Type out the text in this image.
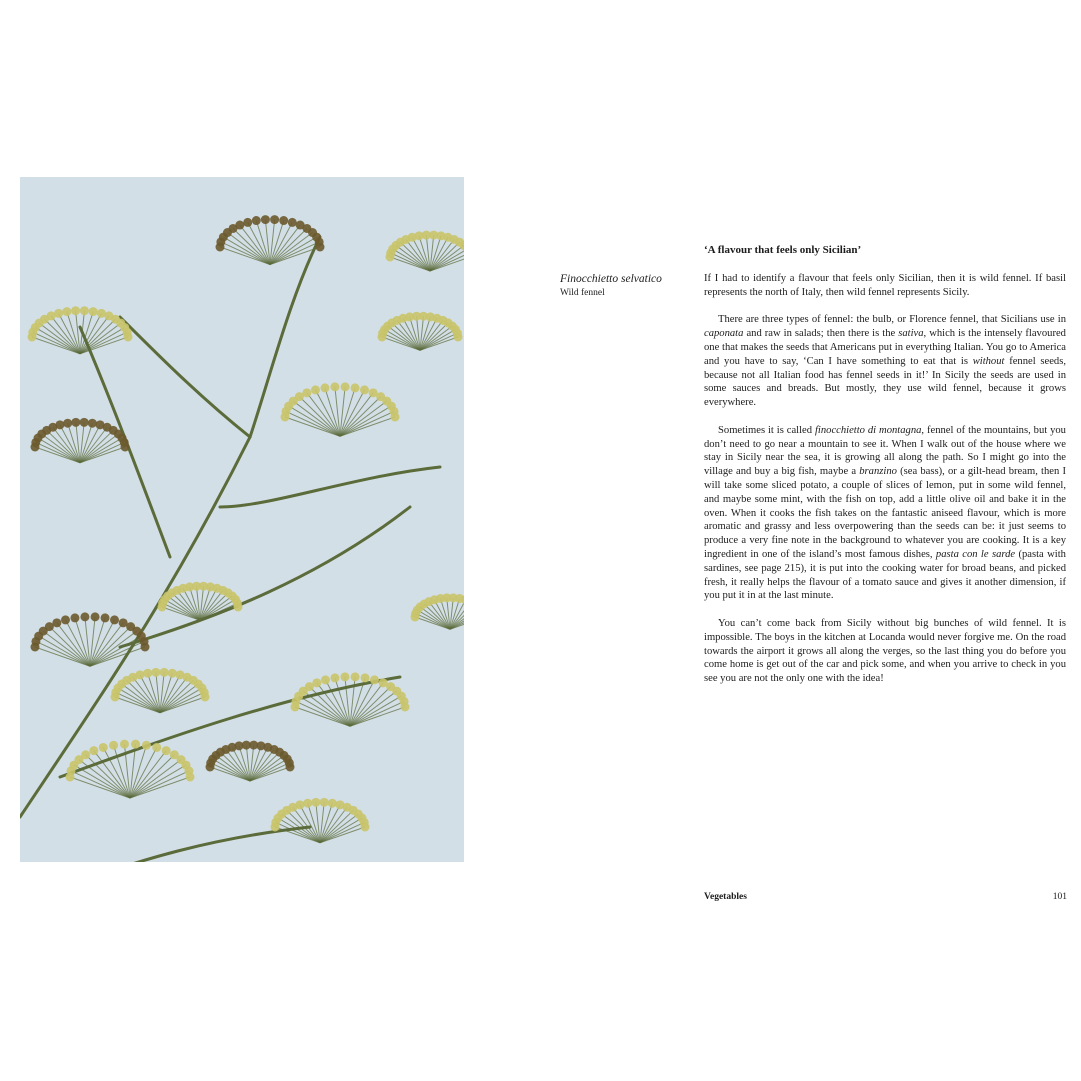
Finocchietto selvatico
Wild fennel
‘A flavour that feels only Sicilian’

If I had to identify a flavour that feels only Sicilian, then it is wild fennel. If basil represents the north of Italy, then wild fennel represents Sicily.

There are three types of fennel: the bulb, or Florence fennel, that Sicilians use in caponata and raw in salads; then there is the sativa, which is the intensely flavoured one that makes the seeds that Americans put in everything Italian. You go to America and you have to say, ‘Can I have something to eat that is without fennel seeds, because not all Italian food has fennel seeds in it!’ In Sicily the seeds are used in some sauces and breads. But mostly, they use wild fennel, because it grows everywhere.

Sometimes it is called finocchietto di montagna, fennel of the mountains, but you don’t need to go near a mountain to see it. When I walk out of the house where we stay in Sicily near the sea, it is growing all along the path. So I might go into the village and buy a big fish, maybe a branzino (sea bass), or a gilt-head bream, then I will take some sliced potato, a couple of slices of lemon, put in some wild fennel, and maybe some mint, with the fish on top, add a little olive oil and bake it in the oven. When it cooks the fish takes on the fantastic aniseed flavour, which is more aromatic and grassy and less overpowering than the seeds can be: it just seems to produce a very fine note in the background to whatever you are cooking. It is a key ingredient in one of the island’s most famous dishes, pasta con le sarde (pasta with sardines, see page 215), it is put into the cooking water for broad beans, and picked fresh, it really helps the flavour of a tomato sauce and gives it another dimension, if you put it in at the last minute.

You can’t come back from Sicily without big bunches of wild fennel. It is impossible. The boys in the kitchen at Locanda would never forgive me. On the road towards the airport it grows all along the verges, so the last thing you do before you come home is get out of the car and pick some, and when you arrive to check in you see you are not the only one with the idea!

Vegetables	101
